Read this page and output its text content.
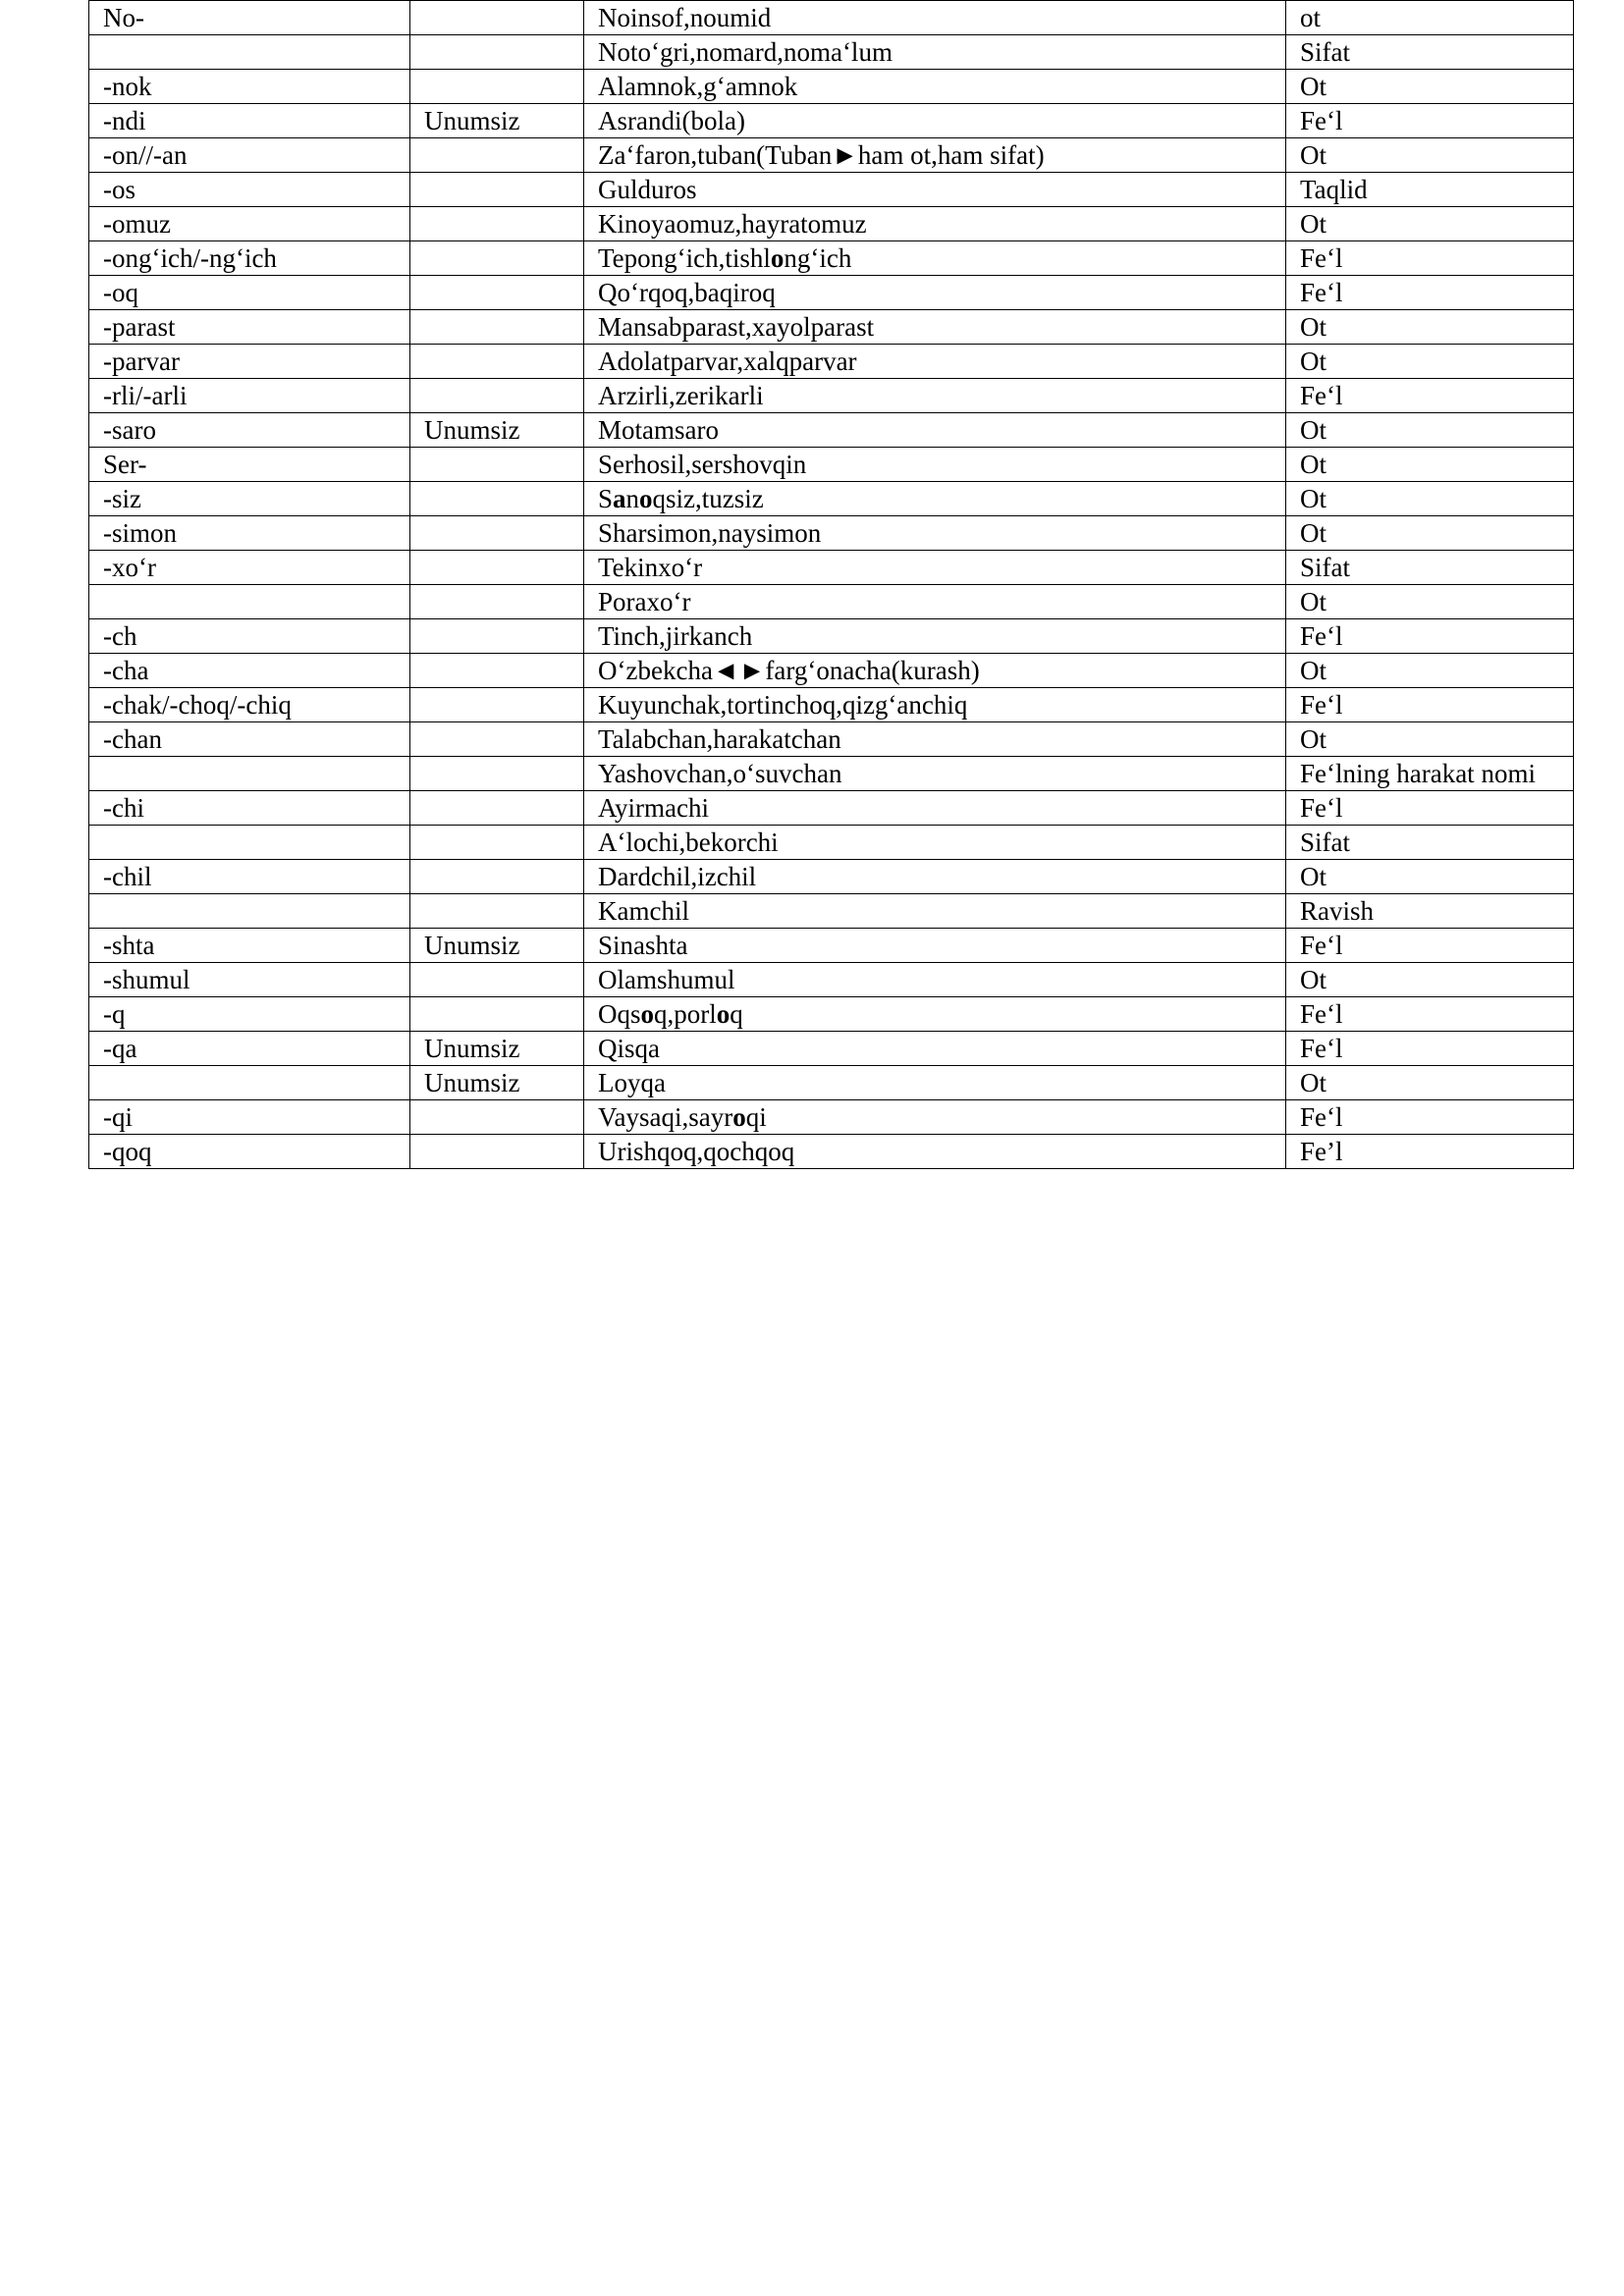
No-		Noinsof,noumid	ot
		Noto‘gri,nomard,noma‘lum	Sifat
-nok		Alamnok,g‘amnok	Ot
-ndi	Unumsiz	Asrandi(bola)	Fe‘l
-on//-an		Za‘faron,tuban(Tuban►ham ot,ham sifat)	Ot
-os		Gulduros	Taqlid
-omuz		Kinoyaomuz,hayratomuz	Ot
-ong‘ich/-ng‘ich		Tepong‘ich,tishlong‘ich	Fe‘l
-oq		Qo‘rqoq,baqiroq	Fe‘l
-parast		Mansabparast,xayolparast	Ot
-parvar		Adolatparvar,xalqparvar	Ot
-rli/-arli		Arzirli,zerikarli	Fe‘l
-saro	Unumsiz	Motamsaro	Ot
Ser-		Serhosil,sershovqin	Ot
-siz		Sanoqsiz,tuzsiz	Ot
-simon		Sharsimon,naysimon	Ot
-xo‘r		Tekinxo‘r	Sifat
		Poraxo‘r	Ot
-ch		Tinch,jirkanch	Fe‘l
-cha		O‘zbekcha◄►farg‘onacha(kurash)	Ot
-chak/-choq/-chiq		Kuyunchak,tortinchoq,qizg‘anchiq	Fe‘l
-chan		Talabchan,harakatchan	Ot
		Yashovchan,o‘suvchan	Fe‘lning harakat nomi
-chi		Ayirmachi	Fe‘l
		A‘lochi,bekorchi	Sifat
-chil		Dardchil,izchil	Ot
		Kamchil	Ravish
-shta	Unumsiz	Sinashta	Fe‘l
-shumul		Olamshumul	Ot
-q		Oqsoq,porloq	Fe‘l
-qa	Unumsiz	Qisqa	Fe‘l
	Unumsiz	Loyqa	Ot
-qi		Vaysaqi,sayroqi	Fe‘l
-qoq		Urishqoq,qochqoq	Fe’l
